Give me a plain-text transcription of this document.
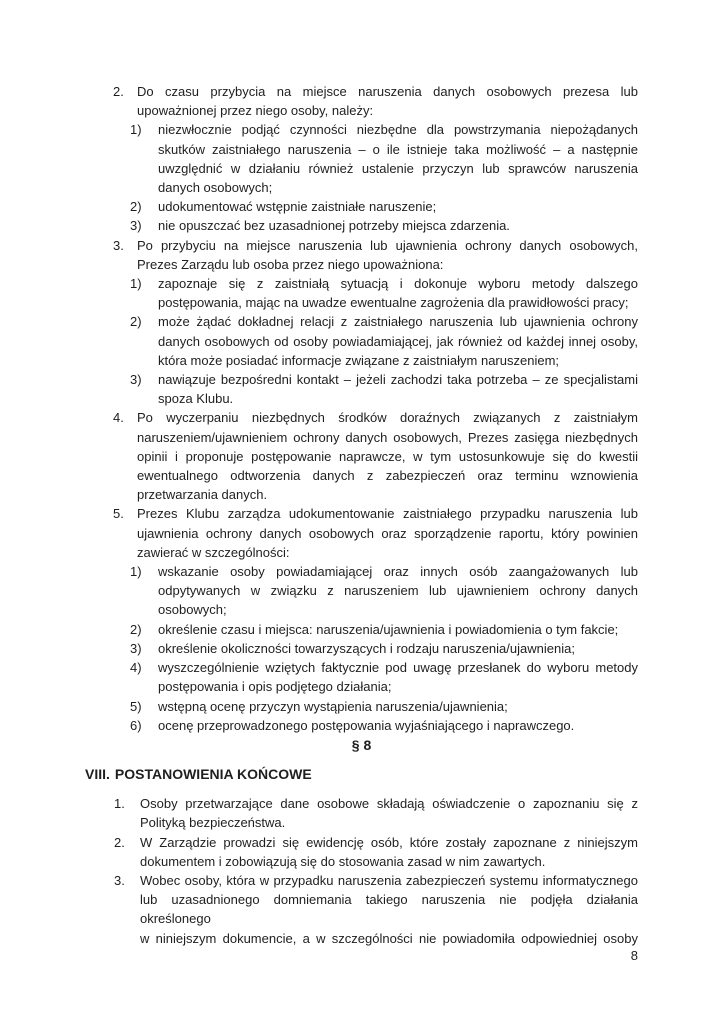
2. Do czasu przybycia na miejsce naruszenia danych osobowych prezesa lub
upoważnionej przez niego osoby, należy:
1) niezwłocznie podjąć czynności niezbędne dla powstrzymania niepożądanych
skutków zaistniałego naruszenia – o ile istnieje taka możliwość – a następnie
uwzględnić w działaniu również ustalenie przyczyn lub sprawców naruszenia
danych osobowych;
2) udokumentować wstępnie zaistniałe naruszenie;
3) nie opuszczać bez uzasadnionej potrzeby miejsca zdarzenia.
3. Po przybyciu na miejsce naruszenia lub ujawnienia ochrony danych osobowych,
Prezes Zarządu lub osoba przez niego upoważniona:
1) zapoznaje się z zaistniałą sytuacją i dokonuje wyboru metody dalszego
postępowania, mając na uwadze ewentualne zagrożenia dla prawidłowości pracy;
2) może żądać dokładnej relacji z zaistniałego naruszenia lub ujawnienia ochrony
danych osobowych od osoby powiadamiającej, jak również od każdej innej osoby,
która może posiadać informacje związane z zaistniałym naruszeniem;
3) nawiązuje bezpośredni kontakt – jeżeli zachodzi taka potrzeba – ze specjalistami
spoza Klubu.
4. Po wyczerpaniu niezbędnych środków doraźnych związanych z zaistniałym
naruszeniem/ujawnieniem ochrony danych osobowych, Prezes zasięga niezbędnych
opinii i proponuje postępowanie naprawcze, w tym ustosunkowuje się do kwestii
ewentualnego odtworzenia danych z zabezpieczeń oraz terminu wznowienia
przetwarzania danych.
5. Prezes Klubu zarządza udokumentowanie zaistniałego przypadku naruszenia lub
ujawnienia ochrony danych osobowych oraz sporządzenie raportu, który powinien
zawierać w szczególności:
1) wskazanie osoby powiadamiającej oraz innych osób zaangażowanych lub
odpytywanych w związku z naruszeniem lub ujawnieniem ochrony danych
osobowych;
2) określenie czasu i miejsca: naruszenia/ujawnienia i powiadomienia o tym fakcie;
3) określenie okoliczności towarzyszących i rodzaju naruszenia/ujawnienia;
4) wyszczególnienie wziętych faktycznie pod uwagę przesłanek do wyboru metody
postępowania i opis podjętego działania;
5) wstępną ocenę przyczyn wystąpienia naruszenia/ujawnienia;
6) ocenę przeprowadzonego postępowania wyjaśniającego i naprawczego.
§ 8
VIII. POSTANOWIENIA KOŃCOWE
1. Osoby przetwarzające dane osobowe składają oświadczenie o zapoznaniu się z
Polityką bezpieczeństwa.
2. W Zarządzie prowadzi się ewidencję osób, które zostały zapoznane z niniejszym
dokumentem i zobowiązują się do stosowania zasad w nim zawartych.
3. Wobec osoby, która w przypadku naruszenia zabezpieczeń systemu informatycznego
lub uzasadnionego domniemania takiego naruszenia nie podjęła działania określonego
w niniejszym dokumencie, a w szczególności nie powiadomiła odpowiedniej osoby
8
